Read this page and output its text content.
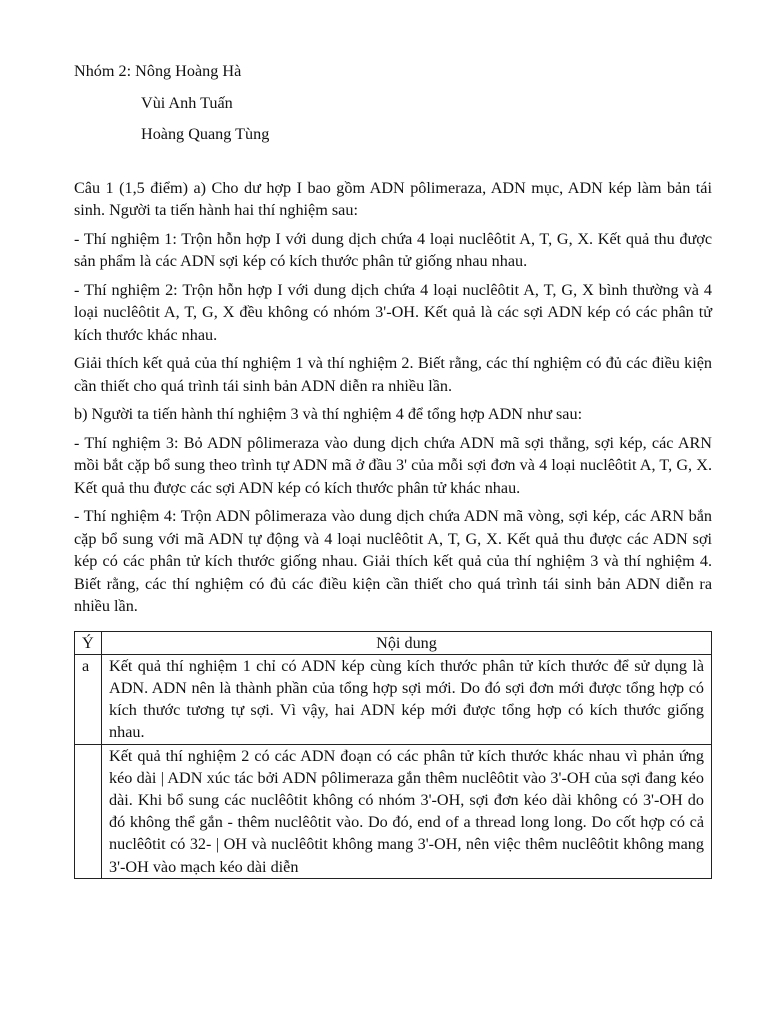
Nhóm 2: Nông Hoàng Hà
Vùi Anh Tuấn
Hoàng Quang Tùng

Câu 1 (1,5 điểm) a) Cho dư hợp I bao gồm ADN pôlimeraza, ADN mục, ADN kép làm bản tái sinh. Người ta tiến hành hai thí nghiệm sau:

- Thí nghiệm 1: Trộn hỗn hợp I với dung dịch chứa 4 loại nuclêôtit A, T, G, X. Kết quả thu được sản phẩm là các ADN sợi kép có kích thước phân tử giống nhau nhau.

- Thí nghiệm 2: Trộn hỗn hợp I với dung dịch chứa 4 loại nuclêôtit A, T, G, X bình thường và 4 loại nuclêôtit A, T, G, X đều không có nhóm 3'-OH. Kết quả là các sợi ADN kép có các phân tử kích thước khác nhau.

Giải thích kết quả của thí nghiệm 1 và thí nghiệm 2. Biết rằng, các thí nghiệm có đủ các điều kiện cần thiết cho quá trình tái sinh bản ADN diễn ra nhiều lần.

b) Người ta tiến hành thí nghiệm 3 và thí nghiệm 4 để tổng hợp ADN như sau:

- Thí nghiệm 3: Bỏ ADN pôlimeraza vào dung dịch chứa ADN mã sợi thẳng, sợi kép, các ARN mồi bắt cặp bổ sung theo trình tự ADN mã ở đầu 3' của mỗi sợi đơn và 4 loại nuclêôtit A, T, G, X. Kết quả thu được các sợi ADN kép có kích thước phân tử khác nhau.

- Thí nghiệm 4: Trộn ADN pôlimeraza vào dung dịch chứa ADN mã vòng, sợi kép, các ARN bắn cặp bổ sung với mã ADN tự động và 4 loại nuclêôtit A, T, G, X. Kết quả thu được các ADN sợi kép có các phân tử kích thước giống nhau. Giải thích kết quả của thí nghiệm 3 và thí nghiệm 4. Biết rằng, các thí nghiệm có đủ các điều kiện cần thiết cho quá trình tái sinh bản ADN diễn ra nhiều lần.

Ý	Nội dung
a	Kết quả thí nghiệm 1 chỉ có ADN kép cùng kích thước phân tử kích thước để sử dụng là ADN. ADN nên là thành phần của tổng hợp sợi mới. Do đó sợi đơn mới được tổng hợp có kích thước tương tự sợi. Vì vậy, hai ADN kép mới được tổng hợp có kích thước giống nhau.

	Kết quả thí nghiệm 2 có các ADN đoạn có các phân tử kích thước khác nhau vì phản ứng kéo dài | ADN xúc tác bởi ADN pôlimeraza gắn thêm nuclêôtit vào 3'-OH của sợi đang kéo dài. Khi bổ sung các nuclêôtit không có nhóm 3'-OH, sợi đơn kéo dài không có 3'-OH do đó không thể gắn - thêm nuclêôtit vào. Do đó, end of a thread long long. Do cốt hợp có cả nuclêôtit có 32- | OH và nuclêôtit không mang 3'-OH, nên việc thêm nuclêôtit không mang 3'-OH vào mạch kéo dài diễn
